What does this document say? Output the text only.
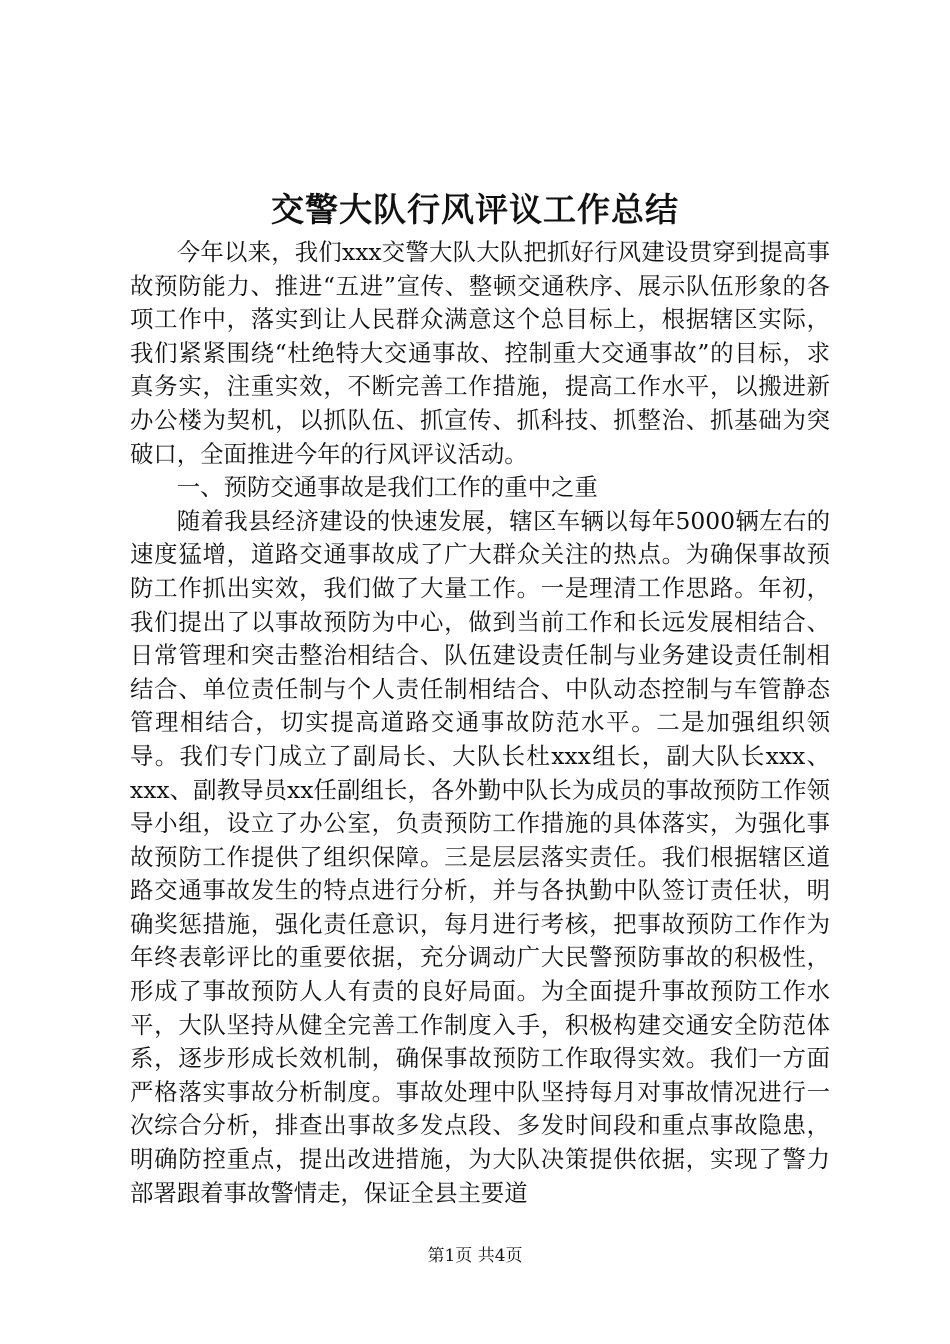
交警大队行风评议工作总结

今年以来，我们xxx交警大队大队把抓好行风建设贯穿到提高事故预防能力、推进“五进”宣传、整顿交通秩序、展示队伍形象的各项工作中，落实到让人民群众满意这个总目标上，根据辖区实际，我们紧紧围绕“杜绝特大交通事故、控制重大交通事故”的目标，求真务实，注重实效，不断完善工作措施，提高工作水平，以搬进新办公楼为契机，以抓队伍、抓宣传、抓科技、抓整治、抓基础为突破口，全面推进今年的行风评议活动。

一、预防交通事故是我们工作的重中之重

随着我县经济建设的快速发展，辖区车辆以每年5000辆左右的速度猛增，道路交通事故成了广大群众关注的热点。为确保事故预防工作抓出实效，我们做了大量工作。一是理清工作思路。年初，我们提出了以事故预防为中心，做到当前工作和长远发展相结合、日常管理和突击整治相结合、队伍建设责任制与业务建设责任制相结合、单位责任制与个人责任制相结合、中队动态控制与车管静态管理相结合，切实提高道路交通事故防范水平。二是加强组织领导。我们专门成立了副局长、大队长杜xxx组长，副大队长xxx、xxx、副教导员xx任副组长，各外勤中队长为成员的事故预防工作领导小组，设立了办公室，负责预防工作措施的具体落实，为强化事故预防工作提供了组织保障。三是层层落实责任。我们根据辖区道路交通事故发生的特点进行分析，并与各执勤中队签订责任状，明确奖惩措施，强化责任意识，每月进行考核，把事故预防工作作为年终表彰评比的重要依据，充分调动广大民警预防事故的积极性，形成了事故预防人人有责的良好局面。为全面提升事故预防工作水平，大队坚持从健全完善工作制度入手，积极构建交通安全防范体系，逐步形成长效机制，确保事故预防工作取得实效。我们一方面严格落实事故分析制度。事故处理中队坚持每月对事故情况进行一次综合分析，排查出事故多发点段、多发时间段和重点事故隐患，明确防控重点，提出改进措施，为大队决策提供依据，实现了警力部署跟着事故警情走，保证全县主要道

第1页 共4页
